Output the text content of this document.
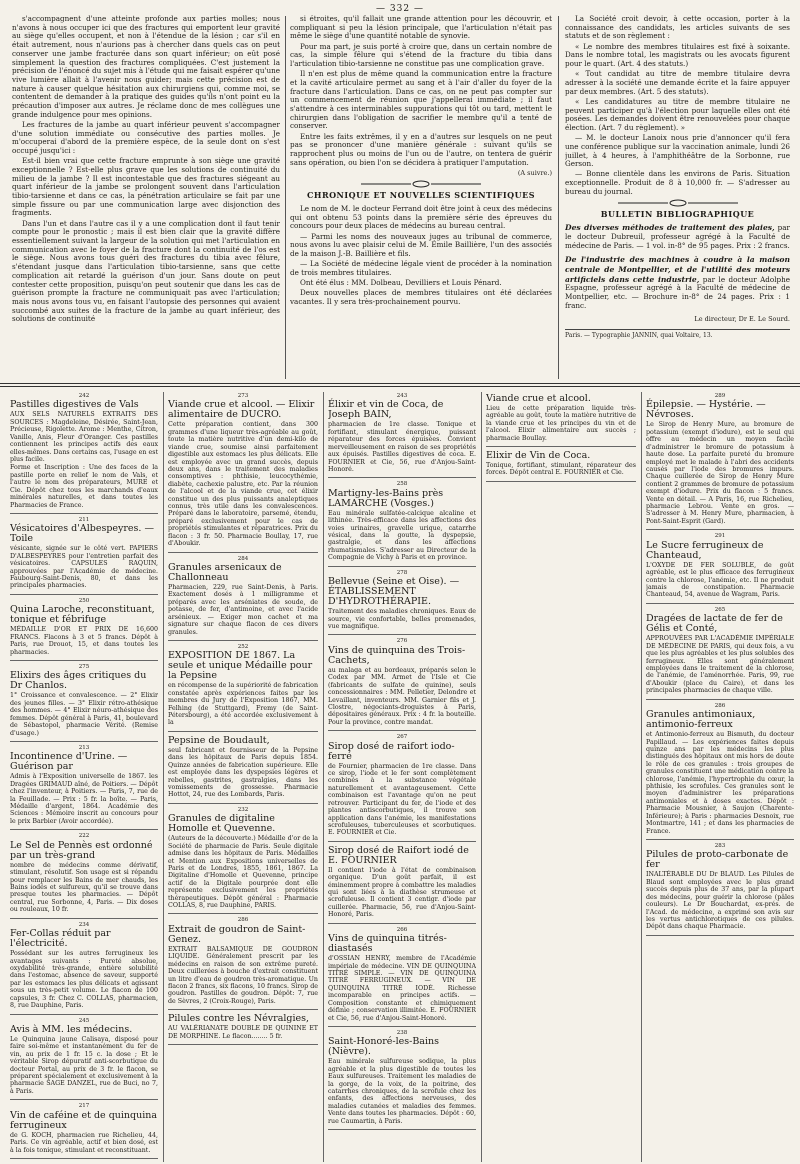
— 332 —

s'accompagnent d'une atteinte profonde aux parties molles; nous n'avons à nous occuper ici que des fractures qui emportent leur gravité au siège qu'elles occupent, et non à l'étendue de la lésion ; car s'il en était autrement, nous n'aurions pas à chercher dans quels cas on peut conserver une jambe fracturée dans son quart inférieur; on eût posé simplement la question des fractures compliquées. C'est justement la précision de l'énoncé du sujet mis à l'étude qui me faisait espérer qu'une vive lumière allait à l'avenir nous guider; mais cette précision est de nature à causer quelque hésitation aux chirurgiens qui, comme moi, se contentent de demander à la pratique des guides qu'ils n'ont point eu la précaution d'imposer aux autres. Je réclame donc de mes collègues une grande indulgence pour mes opinions.

Les fractures de la jambe au quart inférieur peuvent s'accompagner d'une solution immédiate ou consécutive des parties molles. Je m'occuperai d'abord de la première espèce, de la seule dont on s'est occupé jusqu'ici :

Est-il bien vrai que cette fracture emprunte à son siège une gravité exceptionnelle ? Est-elle plus grave que les solutions de continuité du milieu de la jambe ? Il est incontestable que des fractures siégeant au quart inférieur de la jambe se prolongent souvent dans l'articulation tibio-tarsienne et dans ce cas, la pénétration articulaire se fait par une simple fissure ou par une communication large avec disjonction des fragments.

Dans l'un et dans l'autre cas il y a une complication dont il faut tenir compte pour le pronostic ; mais il est bien clair que la gravité diffère essentiellement suivant la largeur de la solution qui met l'articulation en communication avec le foyer de la fracture dont la continuité de l'os est le siège. Nous avons tous guéri des fractures du tibia avec fêlure, s'étendant jusque dans l'articulation tibio-tarsienne, sans que cette complication ait retardé la guérison d'un jour. Sans doute on peut contester cette proposition, puisqu'on peut soutenir que dans les cas de guérison prompte la fracture ne communiquait pas avec l'articulation; mais nous avons tous vu, en faisant l'autopsie des personnes qui avaient succombé aux suites de la fracture de la jambe au quart inférieur, des solutions de continuité

si étroites, qu'il fallait une grande attention pour les découvrir, et compliquant si peu la lésion principale, que l'articulation n'était pas même le siège d'une quantité notable de synovie.

Pour ma part, je suis porté à croire que, dans un certain nombre de cas, la simple fêlure qui s'étend de la fracture du tibia dans l'articulation tibio-tarsienne ne constitue pas une complication grave.

Il n'en est plus de même quand la communication entre la fracture et la cavité articulaire permet au sang et à l'air d'aller du foyer de la fracture dans l'articulation. Dans ce cas, on ne peut pas compter sur un commencement de réunion que j'appellerai immédiate ; il faut s'attendre à ces interminables suppurations qui tôt ou tard, mettent le chirurgien dans l'obligation de sacrifier le membre qu'il a tenté de conserver.

Entre les faits extrêmes, il y en a d'autres sur lesquels on ne peut pas se prononcer d'une manière générale : suivant qu'ils se rapprochent plus ou moins de l'un ou de l'autre, on tentera de guérir sans opération, ou bien l'on se décidera à pratiquer l'amputation.

(A suivre.)
CHRONIQUE ET NOUVELLES SCIENTIFIQUES

Le nom de M. le docteur Ferrand doit être joint à ceux des médecins qui ont obtenu 53 points dans la première série des épreuves du concours pour deux places de médecins au bureau central.

— Parmi les noms des nouveaux juges au tribunal de commerce, nous avons lu avec plaisir celui de M. Émile Baillière, l'un des associés de la maison J.-B. Baillière et fils.

— La Société de médecine légale vient de procéder à la nomination de trois membres titulaires.

Ont été élus : MM. Dolbeau, Devilliers et Louis Pénard.

Deux nouvelles places de membres titulaires ont été déclarées vacantes. Il y sera très-prochainement pourvu.

La Société croit devoir, à cette occasion, porter à la connaissance des candidats, les articles suivants de ses statuts et de son règlement :

« Le nombre des membres titulaires est fixé à soixante. Dans le nombre total, les magistrats ou les avocats figurent pour le quart. (Art. 4 des statuts.)

« Tout candidat au titre de membre titulaire devra adresser à la société une demande écrite et la faire appuyer par deux membres. (Art. 5 des statuts).

« Les candidatures au titre de membre titulaire ne peuvent participer qu'à l'élection pour laquelle elles ont été posées. Les demandes doivent être renouvelées pour chaque élection. (Art. 7 du règlement). »

— M. le docteur Lanoix nous prie d'annoncer qu'il fera une conférence publique sur la vaccination animale, lundi 26 juillet, à 4 heures, à l'amphithéâtre de la Sorbonne, rue Gerson.

— Bonne clientèle dans les environs de Paris. Situation exceptionnelle. Produit de 8 à 10,000 fr. — S'adresser au bureau du journal.

BULLETIN BIBLIOGRAPHIQUE
Des diverses méthodes de traitement des plaies, par le docteur Dubreuil, professeur agrégé à la Faculté de médecine de Paris. — 1 vol. in-8° de 95 pages. Prix : 2 francs.
De l'industrie des machines à coudre à la maison centrale de Montpellier, et de l'utilité des moteurs artificiels dans cette industrie, par le docteur Adolphe Espagne, professeur agrégé à la Faculté de médecine de Montpellier, etc. — Brochure in-8° de 24 pages. Prix : 1 franc.
Le directeur, Dr E. Le Sourd.
Paris. — Typographie JANNIN, quai Voltaire, 13.
242
Pastilles digestives de Vals

AUX SELS NATURELS EXTRAITS DES SOURCES : Magdeleine, Désirée, Saint-Jean, Précieuse, Rigolette. Arome : Menthe, Citron, Vanille, Anis, Fleur d'Oranger. Ces pastilles contiennent les principes actifs des eaux elles-mêmes. Dans certains cas, l'usage en est plus facile.

Forme et Inscription : Une des faces de la pastille porte en relief le nom de Vals, et l'autre le nom des préparateurs, MURE et Cie. Dépôt chez tous les marchands d'eaux minérales naturelles, et dans toutes les Pharmacies de France.

211
Vésicatoires d'Albespeyres. — Toile

vésicante, signée sur le côté vert. PAPIERS D'ALBESPEYRES pour l'entretien parfait des vésicatoires. CAPSULES RAQUIN, approuvées par l'Académie de médecine. Faubourg-Saint-Denis, 80, et dans les principales pharmacies.

250
Quina Laroche, reconstituant, tonique et fébrifuge

MÉDAILLE D'OR ET PRIX DE 16,600 FRANCS. Flacons à 3 et 5 francs. Dépôt à Paris, rue Drouot, 15, et dans toutes les pharmacies.

275
Elixirs des âges critiques du Dr Chanlos.

1° Croissance et convalescence. — 2° Elixir des jeunes filles. — 3° Elixir rétro-athésique des hommes. — 4° Elixir néuro-athésique des femmes. Dépôt général à Paris, 41, boulevard de Sébastopol, pharmacie Vérité. (Remise d'usage.)

213
Incontinence d'Urine. — Guérison par

Admis à l'Exposition universelle de 1867. les Dragées GRIMAUD aîné, de Poitiers. — Dépôt chez l'inventeur, à Poitiers. — Paris, 7, rue de la Feuillade. — Prix : 5 fr. la boîte. — Paris, Médaille d'argent, 1864. Académie des Sciences : Mémoire inscrit au concours pour le prix Barbier (Avoir accordée).

222
Le Sel de Pennès est ordonné par un très-grand

nombre de médecins comme dérivatif, stimulant, résolutif. Son usage est si répandu pour remplacer les Bains de mer chauds, les Bains iodés et sulfureux, qu'il se trouve dans presque toutes les pharmacies. — Dépôt central, rue Sorbonne, 4, Paris. — Dix doses ou rouleaux, 10 fr.

234
Fer-Collas réduit par l'électricité.

Possédant sur les autres ferrugineux les avantages suivants : Pureté absolue, oxydabilité très-grande, entière solubilité dans l'estomac, absence de saveur, supporté par les estomacs les plus délicats et agissant sous un très-petit volume. Le flacon de 100 capsules, 3 fr. Chez C. COLLAS, pharmacien, 8, rue Dauphine, Paris.

245
Avis à MM. les médecins.

Le Quinquina jaune Calisaya, disposé pour faire soi-même et instantanément du fer de vin, au prix de 1 fr. 15 c. la dose ; Et le véritable Sirop dépuratif anti-scorbutique du docteur Portal, au prix de 3 fr. le flacon, se préparent spécialement et exclusivement à la pharmacie SAGE DANZEL, rue de Buci, no 7, à Paris.

217
Vin de caféine et de quinquina ferrugineux

de G. KOCH, pharmacien rue Richelieu, 44, Paris. Ce vin agréable, actif et bien dosé, est à la fois tonique, stimulant et reconstituant.

273
Viande crue et alcool. — Elixir alimentaire de DUCRO.

Cette préparation contient, dans 300 grammes d'une liqueur très-agréable au goût, toute la matière nutritive d'un demi-kilo de viande crue, soumise ainsi parfaitement digestible aux estomacs les plus délicats. Elle est employée avec un grand succès, depuis deux ans, dans le traitement des maladies consomptives : phthisie, leucocythémie, diabète, cachexie palustre, etc. Par la réunion de l'alcool et de la viande crue, cet élixir constitue un des plus puissants analeptiques connus, très utile dans les convalescences. Préparé dans le laboratoire, parsemé, étendu, préparé exclusivement pour le cas de propriétés stimulantes et réparatrices. Prix du flacon : 3 fr. 50. Pharmacie Boullay, 17, rue d'Aboukir.

284
Granules arsenicaux de Challonneau

Pharmacien, 229, rue Saint-Denis, à Paris. Exactement dosés à 1 milligramme et préparés avec les arséniates de soude, de potasse, de fer, d'antimoine, et avec l'acide arsénieux. — Exiger mon cachet et ma signature sur chaque flacon de ces divers granules.

252
EXPOSITION DE 1867. La seule et unique Médaille pour la Pepsine

en récompense de la supériorité de fabrication constatée après expériences faites par les membres du Jury de l'Exposition 1867, MM. Felhing (de Stuttgard), Fremy (de Saint-Pétersbourg), a été accordée exclusivement à la

Pepsine de Boudault,

seul fabricant et fournisseur de la Pepsine dans les hôpitaux de Paris depuis 1854. Quinze années de fabrication supérieure. Elle est employée dans les dyspepsies légères et rebelles, gastrites, gastralgies, dans les vomissements de grossesse. Pharmacie Hottot, 24, rue des Lombards, Paris.

232
Granules de digitaline Homolle et Quevenne.

(Auteurs de la découverte.) Médaille d'or de la Société de pharmacie de Paris. Seule digitale admise dans les hôpitaux de Paris. Médailles et Mention aux Expositions universelles de Paris et de Londres, 1855, 1861, 1867. La Digitaline d'Homolle et Quevenne, principe actif de la Digitale pourprée dont elle représente exclusivement les propriétés thérapeutiques. Dépôt général : Pharmacie COLLAS, 8, rue Dauphine, PARIS.

286
Extrait de goudron de Saint-Genez.

EXTRAIT BALSAMIQUE DE GOUDRON LIQUIDE. Généralement prescrit par les médecins en raison de son extrême pureté. Deux cuillerées à bouche d'extrait constituent un litre d'eau de goudron très-aromatique. Un flacon 2 francs, six flacons, 10 francs. Sirop de goudron. Pastilles de goudron. Dépôt: 7, rue de Sèvres, 2 (Croix-Rouge), Paris.

Pilules contre les Névralgies,

AU VALÉRIANATE DOUBLE DE QUININE ET DE MORPHINE. Le flacon........ 5 fr.

243
Élixir et vin de Coca, de Joseph BAIN,

pharmacien de 1re classe. Tonique et fortifiant, stimulant énergique, puissant réparateur des forces épuisées. Convient merveilleusement en raison de ses propriétés aux épuisés. Pastilles digestives de coca. E. FOURNIER et Cie, 56, rue d'Anjou-Saint-Honoré.

258
Martigny-les-Bains près LAMARCHE (Vosges.)

Eau minérale sulfatée-calcique alcaline et lithinée. Très-efficace dans les affections des voies urinaires, gravelle urique, catarrhe vésical, dans la goutte, la dyspepsie, gastralgie, et dans les affections rhumatismales. S'adresser au Directeur de la Compagnie de Vichy à Paris et en province.

278
Bellevue (Seine et Oise). — ÉTABLISSEMENT D'HYDROTHÉRAPIE.

Traitement des maladies chroniques. Eaux de source, vie confortable, belles promenades, vue magnifique.

276
Vins de quinquina des Trois-Cachets,

au malaga et au bordeaux, préparés selon le Codex par MM. Armet de l'Isle et Cie (fabricants de sulfate de quinine), seuls concessionnaires : MM. Pelletier, Delondre et Levaillant, inventeurs. MM. Garnier fils et J. Clostre, négociants-droguistes à Paris, dépositaires généraux. Prix : 4 fr. la bouteille. Pour la province, contre mandat.

267
Sirop dosé de raifort iodo-ferré

de Fournier, pharmacien de 1re classe. Dans ce sirop, l'iode et le fer sont complètement combinés à la substance végétale naturellement et avantageusement. Cette combinaison est l'avantage qu'on ne peut retrouver. Participant du fer, de l'iode et des plantes antiscorbutiques, il trouve son application dans l'anémie, les manifestations scrofuleuses, tuberculeuses et scorbutiques. E. FOURNIER et Cie.

Sirop dosé de Raifort iodé de E. FOURNIER

Il contient l'iode à l'état de combinaison organique. D'un goût parfait, il est éminemment propre à combattre les maladies qui sont liées à la diathèse strumeuse et scrofuleuse. Il contient 3 centigr. d'iode par cuillerée. Pharmacie, 56, rue d'Anjou-Saint-Honoré, Paris.

266
Vins de quinquina titrés-diastasés

d'OSSIAN HENRY, membre de l'Académie impériale de médecine. VIN DE QUINQUINA TITRÉ SIMPLE. — VIN DE QUINQUINA TITRÉ FERRUGINEUX. — VIN DE QUINQUINA TITRÉ IODÉ. Richesse incomparable en principes actifs. — Composition constante et chimiquement définie ; conservation illimitée. E. FOURNIER et Cie, 56, rue d'Anjou-Saint-Honoré.

238
Saint-Honoré-les-Bains (Nièvre).

Eau minérale sulfureuse sodique, la plus agréable et la plus digestible de toutes les Eaux sulfureuses. Traitement les maladies de la gorge, de la voix, de la poitrine, des catarrhes chroniques, de la scrofule chez les enfants, des affections nerveuses, des maladies cutanées et maladies des femmes. Vente dans toutes les pharmacies. Dépôt : 60, rue Caumartin, à Paris.

Viande crue et alcool.

Lieu de cette préparation liquide très-agréable au goût, toute la matière nutritive de la viande crue et les principes du vin et de l'alcool. Elixir alimentaire aux succès ; pharmacie Boullay.

Elixir de Vin de Coca.

Tonique, fortifiant, stimulant, réparateur des forces. Dépôt central E. FOURNIER et Cie.

289
Épilepsie. — Hystérie. — Névroses.

Le Sirop de Henry Mure, au bromure de potassium (exempt d'iodure), est le seul qui offre au médecin un moyen facile d'administrer le bromure de potassium à haute dose. La parfaite pureté du bromure employé met le malade à l'abri des accidents causés par l'iode des bromures impurs. Chaque cuillerée de Sirop de Henry Mure contient 2 grammes de bromure de potassium exempt d'iodure. Prix du flacon : 5 francs. Vente en détail. — A Paris, 16, rue Richelieu, pharmacie Lebrou. Vente en gros. — S'adresser à M. Henry Mure, pharmacien, à Pont-Saint-Esprit (Gard).

291
Le Sucre ferrugineux de Chanteaud,

L'OXYDE DE FER SOLUBLE, de goût agréable, est le plus efficace des ferrugineux contre la chlorose, l'anémie, etc. Il ne produit jamais de constipation. Pharmacie Chanteaud, 54, avenue de Wagram, Paris.

265
Dragées de lactate de fer de Gélis et Conté,

APPROUVÉES PAR L'ACADÉMIE IMPÉRIALE DE MÉDECINE DE PARIS, qui deux fois, a vu que les plus agréables et les plus solubles des ferrugineux. Elles sont généralement employées dans le traitement de la chlorose, de l'anémie, de l'aménorrhée. Paris, 99, rue d'Aboukir (place du Caire), et dans les principales pharmacies de chaque ville.

286
Granules antimoniaux, antimonio-ferreux

et Antimonio-ferreux au Bismuth, du docteur Papillaud. — Les expériences faites depuis quinze ans par les médecins les plus distingués des hôpitaux ont mis hors de doute le rôle de ces granules : trois groupes de granules constituent une médication contre la chlorose, l'anémie, l'hypertrophie du cœur, la phthisie, les scrofules. Ces granules sont le moyen d'administrer les préparations antimoniales et à doses exactes. Dépôt : Pharmacie Mousnier, à Saujon (Charente-Inférieure); à Paris : pharmacies Desnoix, rue Montmartre, 141 ; et dans les pharmacies de France.

283
Pilules de proto-carbonate de fer

INALTÉRABLE DU Dr BLAUD. Les Pilules de Blaud sont employées avec le plus grand succès depuis plus de 37 ans, par la plupart des médecins, pour guérir la chlorose (pâles couleurs). Le Dr Bouchardat, ex-prés. de l'Acad. de médecine, a exprimé son avis sur les vertus antichlorotiques de ces pilules. Dépôt dans chaque Pharmacie.
